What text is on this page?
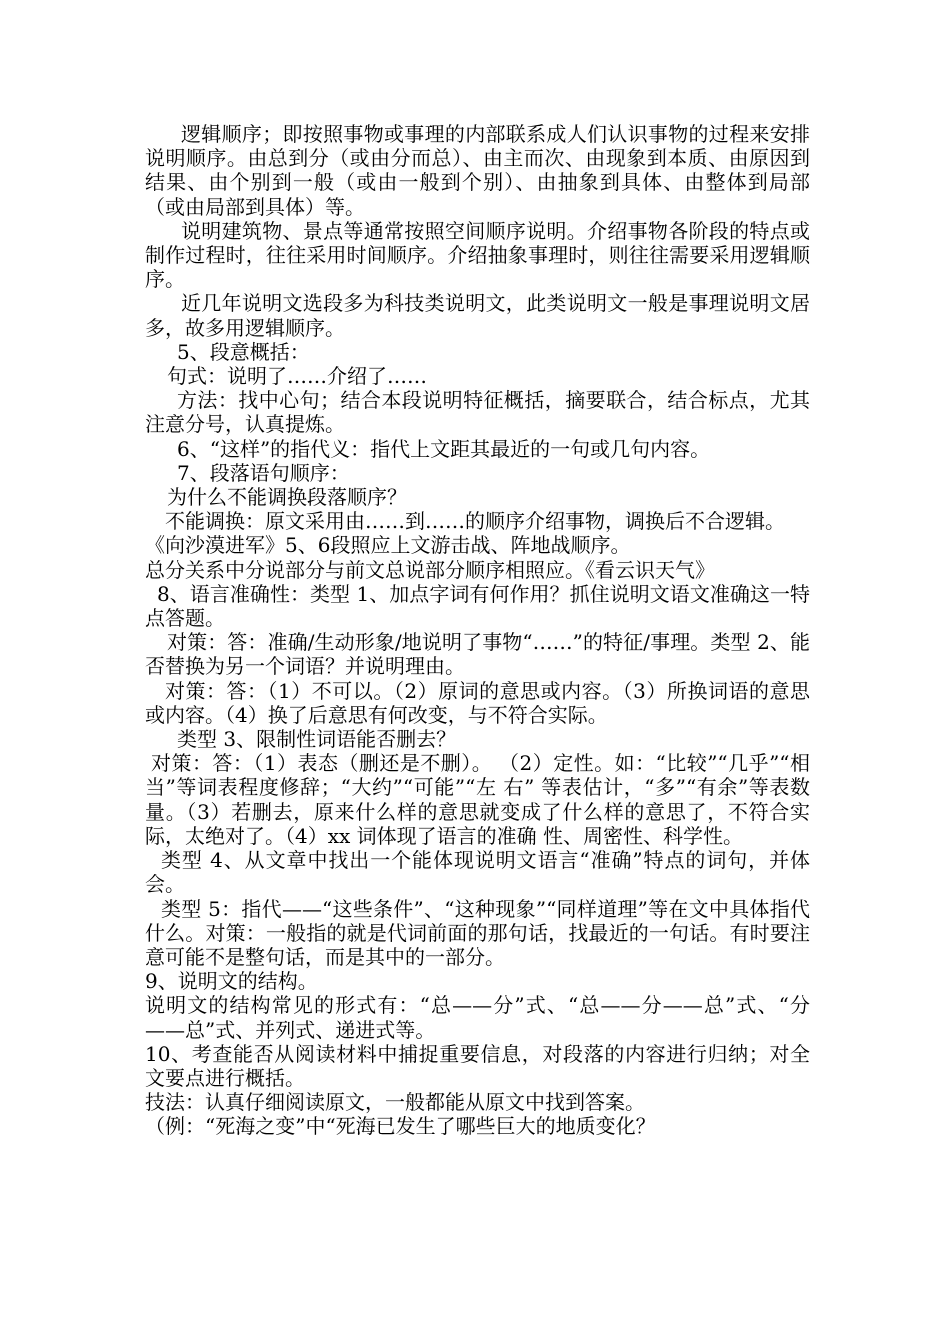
逻辑顺序；即按照事物或事理的内部联系成人们认识事物的过程来安排说明顺序。由总到分（或由分而总）、由主而次、由现象到本质、由原因到结果、由个别到一般（或由一般到个别）、由抽象到具体、由整体到局部（或由局部到具体）等。

说明建筑物、景点等通常按照空间顺序说明。介绍事物各阶段的特点或制作过程时，往往采用时间顺序。介绍抽象事理时，则往往需要采用逻辑顺序。

近几年说明文选段多为科技类说明文，此类说明文一般是事理说明文居多，故多用逻辑顺序。

5、段意概括：

句式：说明了……介绍了……

方法：找中心句；结合本段说明特征概括，摘要联合，结合标点，尤其注意分号，认真提炼。

6、“这样”的指代义：指代上文距其最近的一句或几句内容。

7、段落语句顺序：

为什么不能调换段落顺序？

不能调换：原文采用由……到……的顺序介绍事物，调换后不合逻辑。

《向沙漠进军》5、6段照应上文游击战、阵地战顺序。

总分关系中分说部分与前文总说部分顺序相照应。《看云识天气》

8、语言准确性：类型 1、加点字词有何作用？抓住说明文语文准确这一特点答题。

对策：答：准确/生动形象/地说明了事物“……”的特征/事理。类型 2、能否替换为另一个词语？并说明理由。

对策：答：（1）不可以。（2）原词的意思或内容。（3）所换词语的意思或内容。（4）换了后意思有何改变，与不符合实际。

类型 3、限制性词语能否删去？

对策：答：（1）表态（删还是不删）。 （2）定性。如：“比较”“几乎”“相当”等词表程度修辞；“大约”“可能”“左 右” 等表估计，“多”“有余”等表数量。（3）若删去，原来什么样的意思就变成了什么样的意思了，不符合实际，太绝对了。（4）xx 词体现了语言的准确 性、周密性、科学性。

类型 4、从文章中找出一个能体现说明文语言“准确”特点的词句，并体会。

类型 5：指代——“这些条件”、“这种现象”“同样道理”等在文中具体指代什么。对策：一般指的就是代词前面的那句话，找最近的一句话。有时要注意可能不是整句话，而是其中的一部分。

9、说明文的结构。

说明文的结构常见的形式有：“总——分”式、“总——分——总”式、“分——总”式、并列式、递进式等。

10、考查能否从阅读材料中捕捉重要信息，对段落的内容进行归纳；对全文要点进行概括。

技法：认真仔细阅读原文，一般都能从原文中找到答案。

（例：“死海之变”中“死海已发生了哪些巨大的地质变化？
